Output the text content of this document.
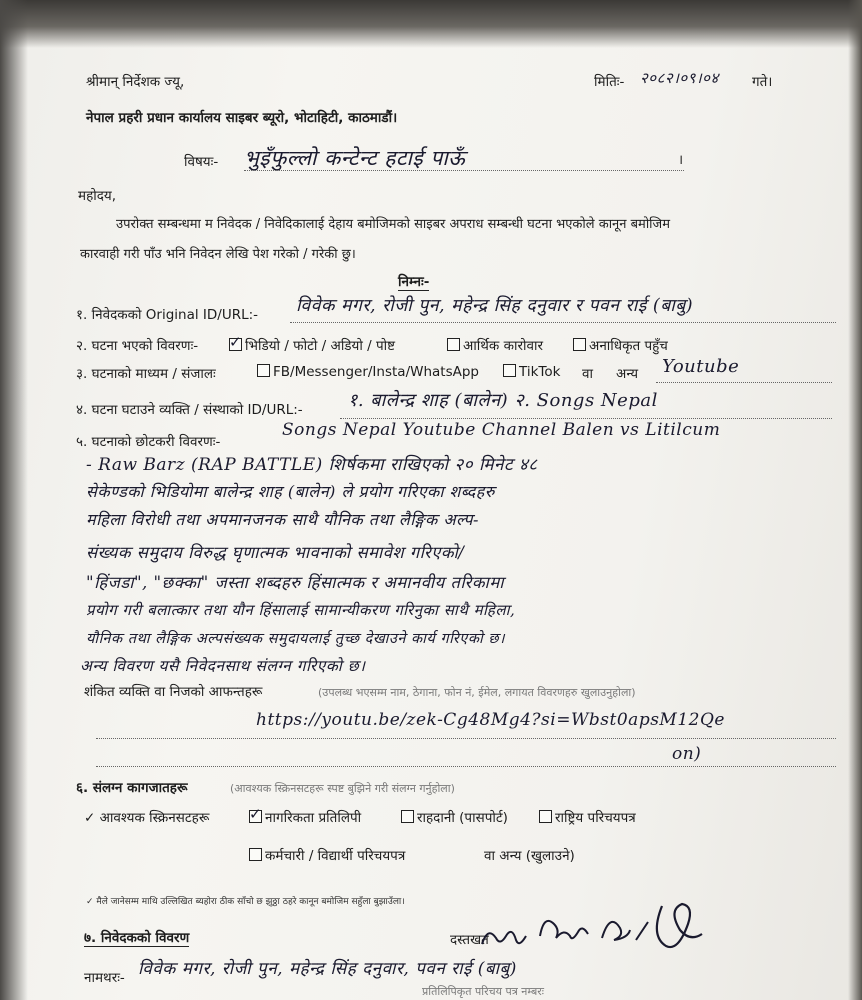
श्रीमान् निर्देशक ज्यू,
नेपाल प्रहरी प्रधान कार्यालय साइबर ब्यूरो, भोटाहिटी, काठमाडौं।
मितिः- २०८२।०९।०४ गते।
विषयः- भुइँफुल्लो कन्टेन्ट हटाई पाऊँ	।
महोदय,
उपरोक्त सम्बन्धमा म निवेदक / निवेदिकालाई देहाय बमोजिमको साइबर अपराध सम्बन्धी घटना भएकोले कानून बमोजिम
कारवाही गरी पाँउ भनि निवेदन लेखि पेश गरेको / गरेकी छु।
निम्नः-
१. निवेदकको Original ID/URL:- विवेक मगर, रोजी पुन, महेन्द्र सिंह दनुवार र पवन राई (बाबु)
२. घटना भएको विवरणः- ✓	भिडियो / फोटो / अडियो / पोष्ट	आर्थिक कारोवार	अनाधिकृत पहुँच
३. घटनाको माध्यम / संजालः	FB/Messenger/Insta/WhatsApp	TikTok वा अन्य Youtube
४. घटना घटाउने व्यक्ति / संस्थाको ID/URL:-	१. बालेन्द्र शाह (बालेन) २. Songs Nepal
५. घटनाको छोटकरी विवरणः-
Songs Nepal Youtube Channel Balen vs Litilcum
- Raw Barz (RAP BATTLE) शिर्षकमा राखिएको २० मिनेट ४८
सेकेण्डको भिडियोमा बालेन्द्र शाह (बालेन) ले प्रयोग गरिएका शब्दहरु
महिला विरोधी तथा अपमानजनक साथै यौनिक तथा लैङ्गिक अल्प-
संख्यक समुदाय विरुद्ध घृणात्मक भावनाको समावेश गरिएको/
"हिंजडा", "छक्का" जस्ता शब्दहरु हिंसात्मक र अमानवीय तरिकामा
प्रयोग गरी बलात्कार तथा यौन हिंसालाई सामान्यीकरण गरिनुका साथै महिला,
यौनिक तथा लैङ्गिक अल्पसंख्यक समुदायलाई तुच्छ देखाउने कार्य गरिएको छ।
अन्य विवरण यसै निवेदनसाथ संलग्न गरिएको छ।
शंकित व्यक्ति वा निजको आफन्तहरू	(उपलब्ध भएसम्म नाम, ठेगाना, फोन नं, ईमेल, लगायत विवरणहरु खुलाउनुहोला)
https://youtu.be/zek-Cg48Mg4?si=Wbst0apsM12Qe
on)
६. संलग्न कागजातहरू	(आवश्यक स्क्रिनसटहरू स्पष्ट बुझिने गरी संलग्न गर्नुहोला)
✓ आवश्यक स्क्रिनसटहरू ✓	नागरिकता प्रतिलिपी	राहदानी (पासपोर्ट)	राष्ट्रिय परिचयपत्र
कर्मचारी / विद्यार्थी परिचयपत्र	वा अन्य (खुलाउने)
✓ मैले जानेसम्म माथि उल्लिखित ब्यहोरा ठीक साँचो छ झुठ्ठा ठहरे कानून बमोजिम सहुँला बुझाउँला।
७. निवेदकको विवरण	दस्तखत
नामथरः- विवेक मगर, रोजी पुन, महेन्द्र सिंह दनुवार, पवन राई (बाबु)
प्रतिलिपिकृत परिचय पत्र नम्बरः
